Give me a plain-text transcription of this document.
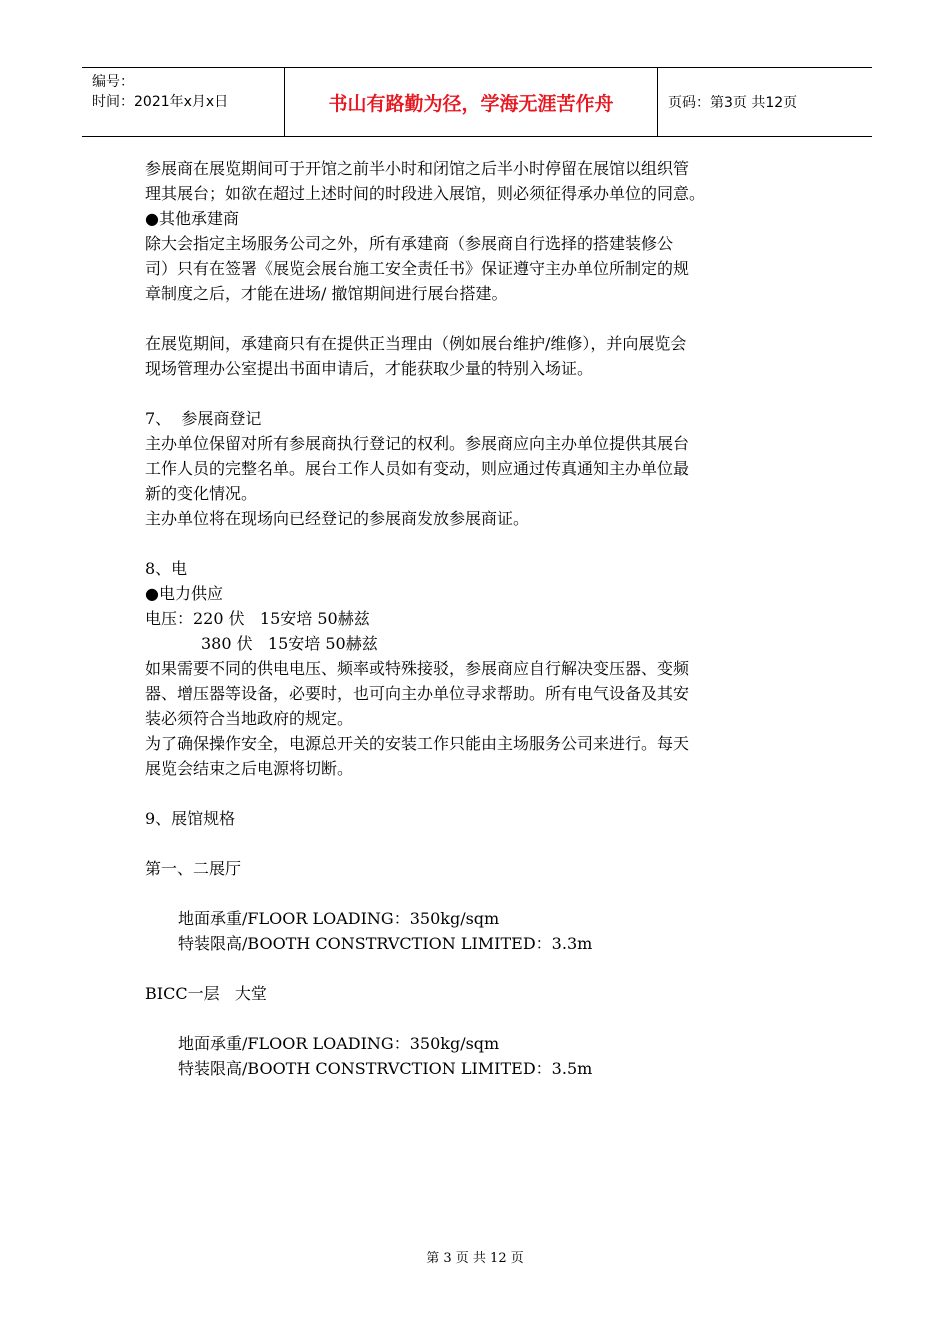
编号：
时间：2021年x月x日	书山有路勤为径，学海无涯苦作舟	页码：第3页 共12页

参展商在展览期间可于开馆之前半小时和闭馆之后半小时停留在展馆以组织管

理其展台；如欲在超过上述时间的时段进入展馆，则必须征得承办单位的同意。

●其他承建商

除大会指定主场服务公司之外，所有承建商（参展商自行选择的搭建装修公

司）只有在签署《展览会展台施工安全责任书》保证遵守主办单位所制定的规

章制度之后，才能在进场/ 撤馆期间进行展台搭建。

在展览期间，承建商只有在提供正当理由（例如展台维护/维修），并向展览会

现场管理办公室提出书面申请后，才能获取少量的特别入场证。

7、  参展商登记

主办单位保留对所有参展商执行登记的权利。参展商应向主办单位提供其展台

工作人员的完整名单。展台工作人员如有变动，则应通过传真通知主办单位最

新的变化情况。

主办单位将在现场向已经登记的参展商发放参展商证。

8、电

●电力供应

电压：220 伏   15安培 50赫兹

380 伏   15安培 50赫兹

如果需要不同的供电电压、频率或特殊接驳，参展商应自行解决变压器、变频

器、增压器等设备，必要时，也可向主办单位寻求帮助。所有电气设备及其安

装必须符合当地政府的规定。

为了确保操作安全，电源总开关的安装工作只能由主场服务公司来进行。每天

展览会结束之后电源将切断。

9、展馆规格

第一、二展厅

地面承重/FLOOR LOADING：350kg/sqm

特装限高/BOOTH CONSTRVCTION LIMITED：3.3m

BICC一层   大堂

地面承重/FLOOR LOADING：350kg/sqm

特装限高/BOOTH CONSTRVCTION LIMITED：3.5m

第 3 页 共 12 页
